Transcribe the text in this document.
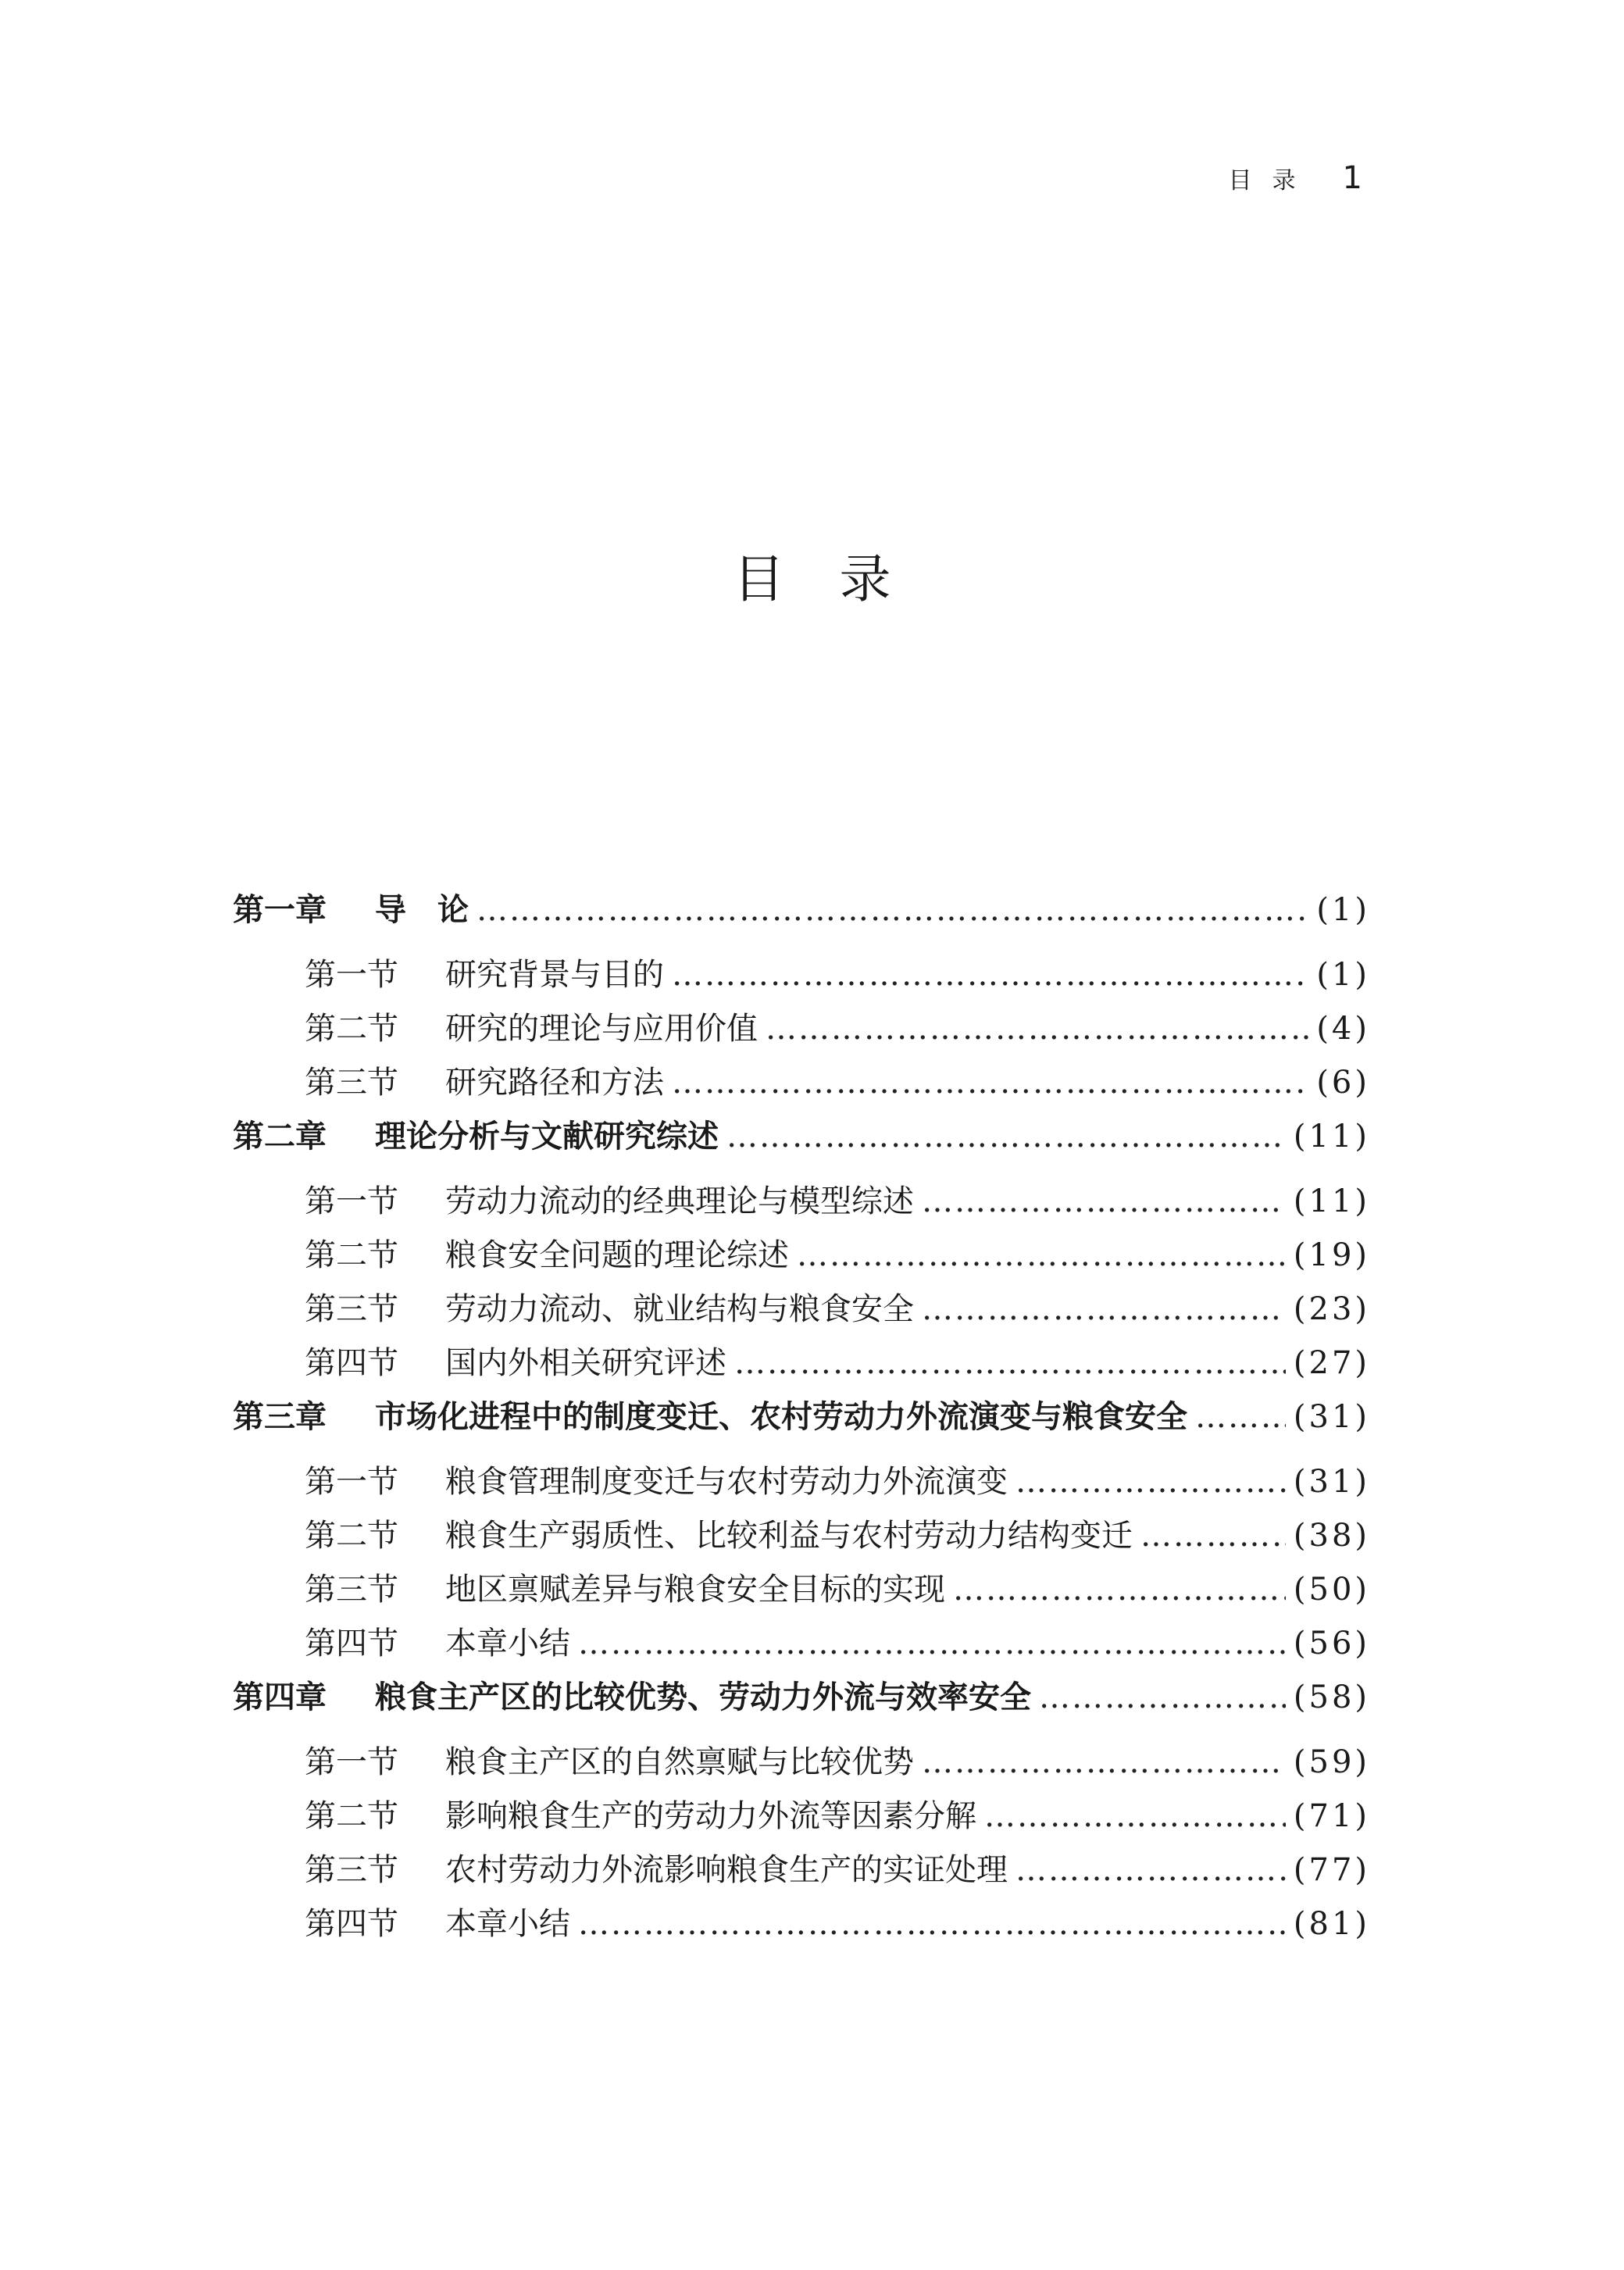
目录 1
目录
第一章	导　论 …………………………………………………………………………………………………………………………………………	(1)
第一节	研究背景与目的 …………………………………………………………………………………………………………………………………………	(1)
第二节	研究的理论与应用价值 …………………………………………………………………………………………………………………………………………	(4)
第三节	研究路径和方法 …………………………………………………………………………………………………………………………………………	(6)
第二章	理论分析与文献研究综述 …………………………………………………………………………………………………………………………………………	(11)
第一节	劳动力流动的经典理论与模型综述 …………………………………………………………………………………………………………………………………………	(11)
第二节	粮食安全问题的理论综述 …………………………………………………………………………………………………………………………………………	(19)
第三节	劳动力流动、就业结构与粮食安全 …………………………………………………………………………………………………………………………………………	(23)
第四节	国内外相关研究评述 …………………………………………………………………………………………………………………………………………	(27)
第三章	市场化进程中的制度变迁、农村劳动力外流演变与粮食安全 …………………………………………………………………………………………………………………………………………	(31)
第一节	粮食管理制度变迁与农村劳动力外流演变 …………………………………………………………………………………………………………………………………………	(31)
第二节	粮食生产弱质性、比较利益与农村劳动力结构变迁 …………………………………………………………………………………………………………………………………………	(38)
第三节	地区禀赋差异与粮食安全目标的实现 …………………………………………………………………………………………………………………………………………	(50)
第四节	本章小结 …………………………………………………………………………………………………………………………………………	(56)
第四章	粮食主产区的比较优势、劳动力外流与效率安全 …………………………………………………………………………………………………………………………………………	(58)
第一节	粮食主产区的自然禀赋与比较优势 …………………………………………………………………………………………………………………………………………	(59)
第二节	影响粮食生产的劳动力外流等因素分解 …………………………………………………………………………………………………………………………………………	(71)
第三节	农村劳动力外流影响粮食生产的实证处理 …………………………………………………………………………………………………………………………………………	(77)
第四节	本章小结 …………………………………………………………………………………………………………………………………………	(81)
